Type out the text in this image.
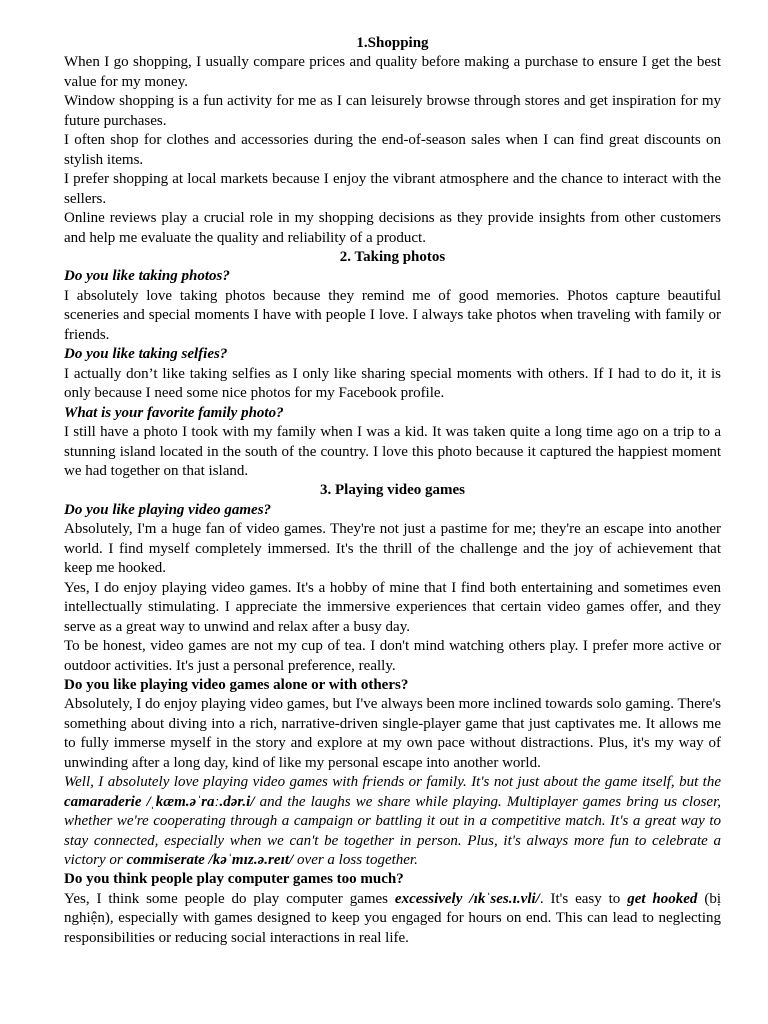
1.Shopping

When I go shopping, I usually compare prices and quality before making a purchase to ensure I get the best value for my money.

Window shopping is a fun activity for me as I can leisurely browse through stores and get inspiration for my future purchases.

I often shop for clothes and accessories during the end-of-season sales when I can find great discounts on stylish items.

I prefer shopping at local markets because I enjoy the vibrant atmosphere and the chance to interact with the sellers.

Online reviews play a crucial role in my shopping decisions as they provide insights from other customers and help me evaluate the quality and reliability of a product.

2. Taking photos

Do you like taking photos?

I absolutely love taking photos because they remind me of good memories. Photos capture beautiful sceneries and special moments I have with people I love. I always take photos when traveling with family or friends.

Do you like taking selfies?

I actually don’t like taking selfies as I only like sharing special moments with others. If I had to do it, it is only because I need some nice photos for my Facebook profile.

What is your favorite family photo?

I still have a photo I took with my family when I was a kid. It was taken quite a long time ago on a trip to a stunning island located in the south of the country. I love this photo because it captured the happiest moment we had together on that island.

3. Playing video games

Do you like playing video games?

Absolutely, I'm a huge fan of video games. They're not just a pastime for me; they're an escape into another world. I find myself completely immersed. It's the thrill of the challenge and the joy of achievement that keep me hooked.

Yes, I do enjoy playing video games. It's a hobby of mine that I find both entertaining and sometimes even intellectually stimulating. I appreciate the immersive experiences that certain video games offer, and they serve as a great way to unwind and relax after a busy day.

To be honest, video games are not my cup of tea. I don't mind watching others play. I prefer more active or outdoor activities. It's just a personal preference, really.

Do you like playing video games alone or with others?

Absolutely, I do enjoy playing video games, but I've always been more inclined towards solo gaming. There's something about diving into a rich, narrative-driven single-player game that just captivates me. It allows me to fully immerse myself in the story and explore at my own pace without distractions. Plus, it's my way of unwinding after a long day, kind of like my personal escape into another world.

Well, I absolutely love playing video games with friends or family. It's not just about the game itself, but the camaraderie /ˌkæm.əˈrɑː.dər.i/ and the laughs we share while playing. Multiplayer games bring us closer, whether we're cooperating through a campaign or battling it out in a competitive match. It's a great way to stay connected, especially when we can't be together in person. Plus, it's always more fun to celebrate a victory or commiserate /kəˈmɪz.ə.reɪt/ over a loss together.

Do you think people play computer games too much?

Yes, I think some people do play computer games excessively /ɪkˈses.ɪ.vli/. It's easy to get hooked (bị nghiện), especially with games designed to keep you engaged for hours on end. This can lead to neglecting responsibilities or reducing social interactions in real life.
